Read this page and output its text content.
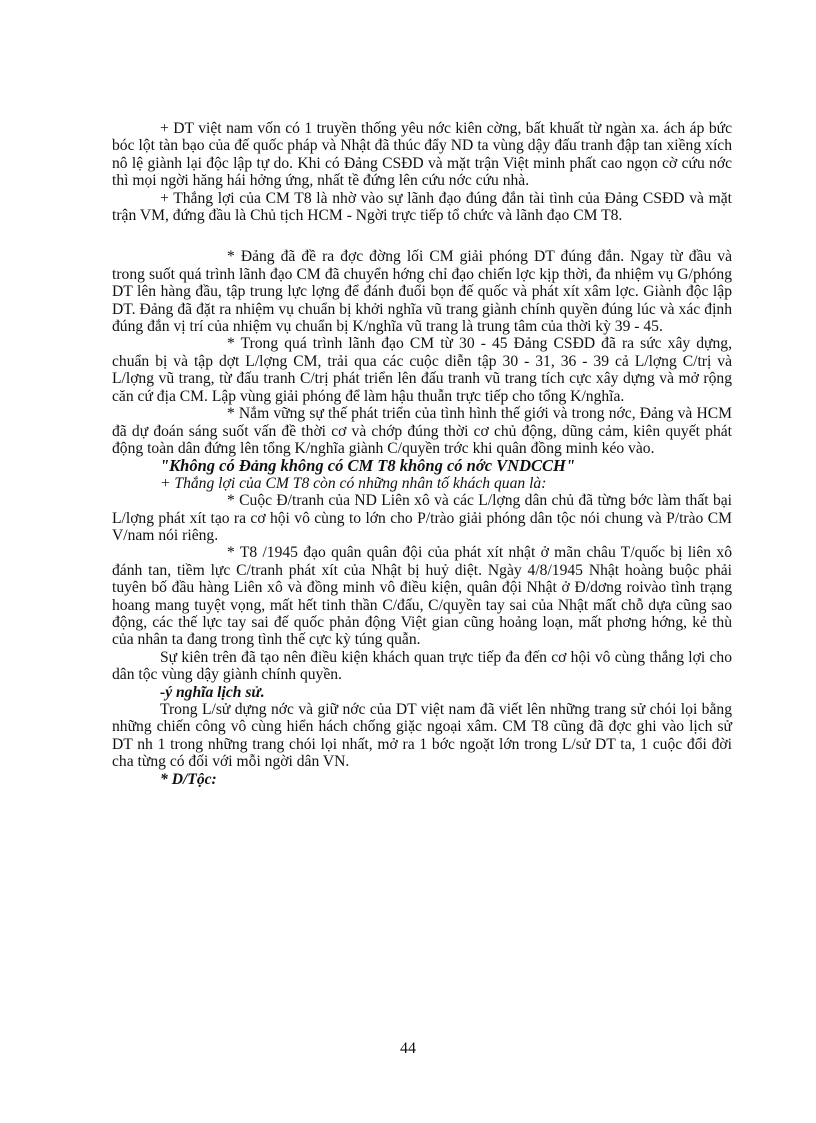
+ DT việt nam vốn có 1 truyền thống yêu nớc kiên cờng, bất khuất từ ngàn xa. ách áp bức bóc lột tàn bạo của đế quốc pháp và Nhật đã thúc đẩy ND ta vùng dậy đấu tranh đập tan xiềng xích nô lệ giành lại độc lập tự do. Khi có Đảng CSĐD và mặt trận Việt minh phất cao ngọn cờ cứu nớc thì mọi ngời hăng hái hởng ứng, nhất tề đứng lên cứu nớc cứu nhà.

+ Thắng lợi của CM T8 là nhờ vào sự lãnh đạo đúng đắn tài tình của Đảng CSĐD và mặt trận VM, đứng đầu là Chủ tịch HCM - Ngời trực tiếp tổ chức và lãnh đạo CM T8.

* Đảng đã đề ra đợc đờng lối CM giải phóng DT đúng đắn. Ngay từ đầu và trong suốt quá trình lãnh đạo CM đã chuyển hớng chỉ đạo chiến lợc kịp thời, đa nhiệm vụ G/phóng DT lên hàng đầu, tập trung lực lợng để đánh đuổi bọn đế quốc và phát xít xâm lợc. Giành độc lập DT. Đảng đã đặt ra nhiệm vụ chuẩn bị khởi nghĩa vũ trang giành chính quyền đúng lúc và xác định đúng đắn vị trí của nhiệm vụ chuẩn bị K/nghĩa vũ trang là trung tâm của thời kỳ 39 - 45.

* Trong quá trình lãnh đạo CM từ 30 - 45 Đảng CSĐD đã ra sức xây dựng, chuẩn bị và tập dợt L/lợng CM, trải qua các cuộc diễn tập 30 - 31, 36 - 39 cả L/lợng C/trị và L/lợng vũ trang, từ đấu tranh C/trị phát triển lên đấu tranh vũ trang tích cực xây dựng và mở rộng căn cứ địa CM. Lập vùng giải phóng để làm hậu thuẫn trực tiếp cho tổng K/nghĩa.

* Nắm vững sự thế phát triển của tình hình thế giới và trong nớc, Đảng và HCM đã dự đoán sáng suốt vấn đề thời cơ và chớp đúng thời cơ chủ động, dũng cảm, kiên quyết phát động toàn dân đứng lên tổng K/nghĩa giành C/quyền trớc khi quân đồng minh kéo vào.

"Không có Đảng không có CM T8 không có nớc VNDCCH"

+ Thắng lợi của CM T8 còn có những nhân tố khách quan là:

* Cuộc Đ/tranh của ND Liên xô và các L/lợng dân chủ đã từng bớc làm thất bại L/lợng phát xít tạo ra cơ hội vô cùng to lớn cho P/trào giải phóng dân tộc nói chung và P/trào CM V/nam nói riêng.

* T8 /1945 đạo quân quân đội của phát xít nhật ở mãn châu T/quốc bị liên xô đánh tan, tiềm lực C/tranh phát xít của Nhật bị huỷ diệt. Ngày 4/8/1945 Nhật hoàng buộc phải tuyên bố đầu hàng Liên xô và đồng minh vô điều kiện, quân đội Nhật ở Đ/dơng roivào tình trạng hoang mang tuyệt vọng, mất hết tinh thần C/đấu, C/quyền tay sai của Nhật mất chỗ dựa cũng sao động, các thế lực tay sai đế quốc phản động Việt gian cũng hoảng loạn, mất phơng hớng, kẻ thù của nhân ta đang trong tình thế cực kỳ túng quẫn.

Sự kiên trên đã tạo nên điều kiện khách quan trực tiếp đa đến cơ hội vô cùng thắng lợi cho dân tộc vùng dậy giành chính quyền.

-ý nghĩa lịch sử.

Trong L/sử dựng nớc và giữ nớc của DT việt nam đã viết lên những trang sử chói lọi bằng những chiến công vô cùng hiển hách chống giặc ngoại xâm. CM T8 cũng đã đợc ghi vào lịch sử DT nh 1 trong những trang chói lọi nhất, mở ra 1 bớc ngoặt lớn trong L/sử DT ta, 1 cuộc đổi đời cha từng có đối với mỗi ngời dân VN.

* D/Tộc:

44
